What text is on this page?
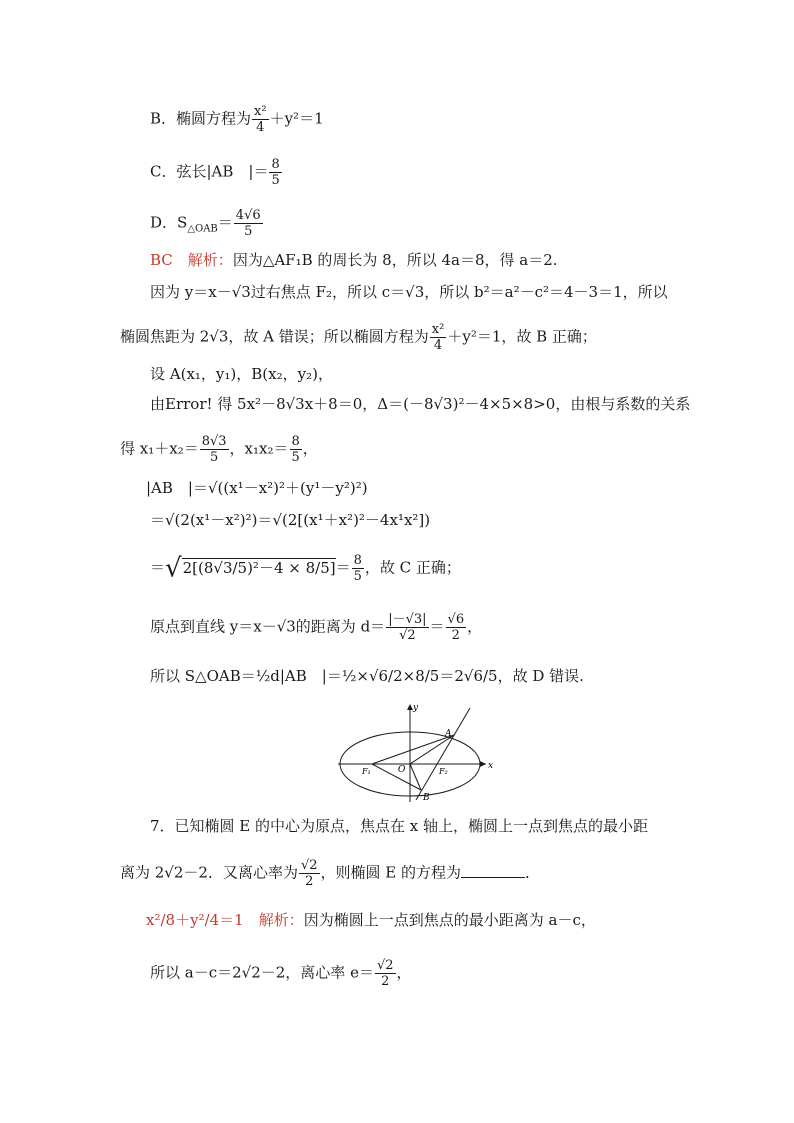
B．椭圆方程为 $\frac{\text{x²}}{4} +y^2=1$
C．弦长|AB　|＝ $\frac{8}{5}$
D．$S_{\triangle OAB}= \frac{4√6}{5}$
BC　 解析：因为△AF₁B 的周长为 8，所以 4a＝8，得 a＝2.
因为 y＝x－√3过右焦点 F₂，所以 c＝√3，所以 b²＝a²－c²＝4－3＝1，所以
椭圆焦距为 2√3，故 A 错误；所以椭圆方程为 $\frac{\text{x²}}{4} +y^2=1$，故 B 正确；
设 A(x₁，y₁)，B(x₂，y₂)，
由Error! 得 5x²－8√3x＋8＝0，Δ＝(－8√3)²－4×5×8>0，由根与系数的关系
得 $x_1+x_2= \frac{8√3}{5}$ ，$x_1x_2= \frac{8}{5}$ ，
|AB　|＝√((x¹－x²)²＋(y¹－y²)²)
＝√(2(x¹－x²)²)＝√(2[(x¹＋x²)²－4x¹x²])
$=√2[(8√3/5)^2-4 \times 8/5]= \frac{8}{5}$ ，故 C 正确；
原点到直线 y＝x－√3的距离为 $d= \frac{|-√3|}{√2} = \frac{√6}{2}$ ，
所以 S△OAB＝½d|AB　|＝½×√6/2×8/5＝2√6/5，故 D 错误.
A
B
O
F₁	F₂
x
y
7．已知椭圆 E 的中心为原点，焦点在 x 轴上，椭圆上一点到焦点的最小距
离为 2√2－2．又离心率为 $\frac{√2}{2}$ ，则椭圆 E 的方程为	．
x²/8＋y²/4＝1　 解析：因为椭圆上一点到焦点的最小距离为 a－c，
所以 a－c＝2√2－2，离心率 $e= \frac{√2}{2}$ ，
